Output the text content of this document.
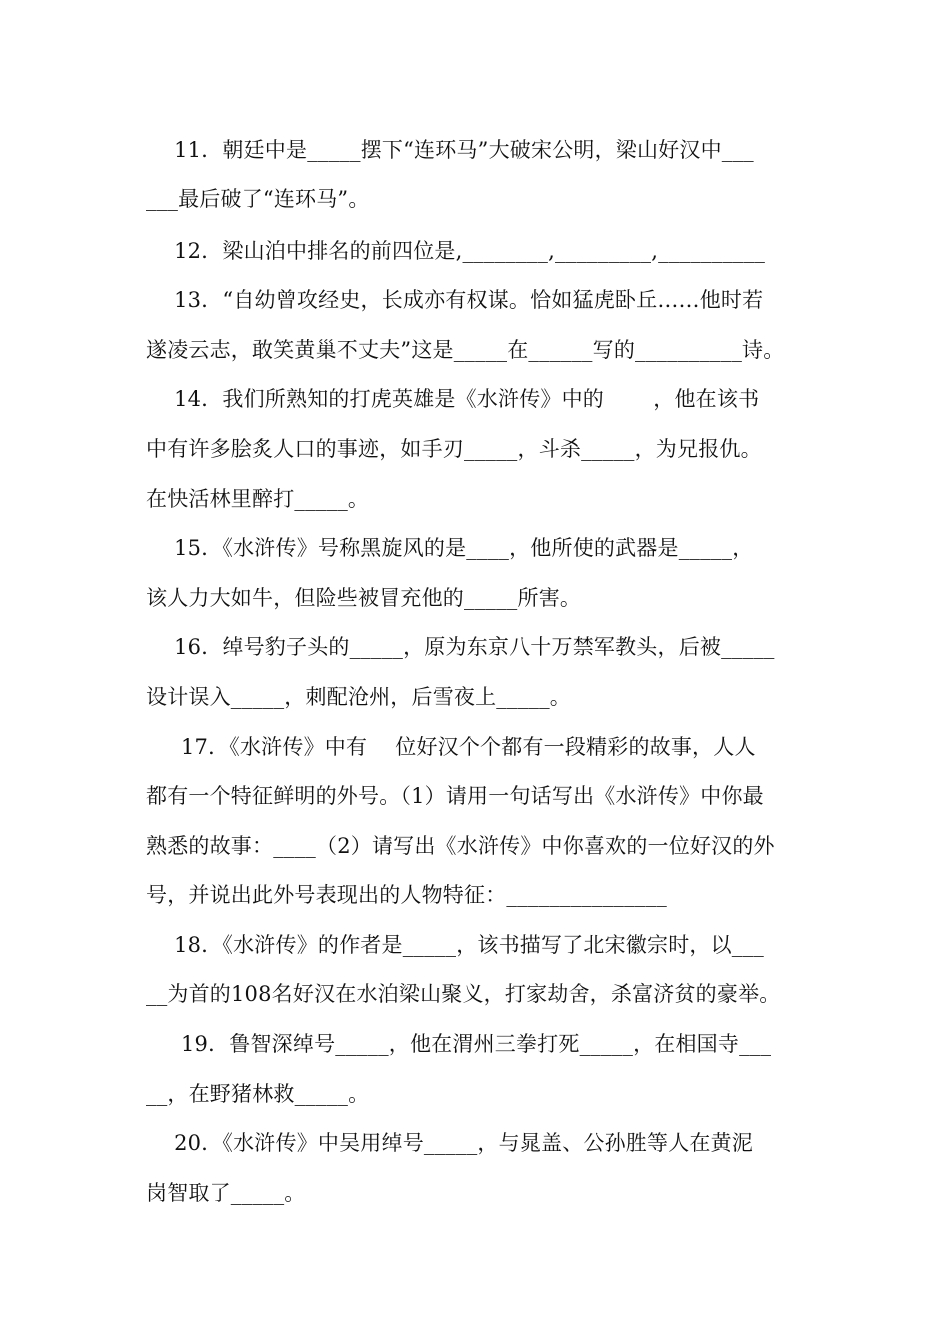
　 11．朝廷中是_____摆下“连环马”大破宋公明，梁山好汉中___
___最后破了“连环马”。
　 12．梁山泊中排名的前四位是,________,_________,__________
　 13．“自幼曾攻经史，长成亦有权谋。恰如猛虎卧丘……他时若
遂凌云志，敢笑黄巢不丈夫”这是_____在______写的__________诗。
　 14．我们所熟知的打虎英雄是《水浒传》中的　　 ，他在该书
中有许多脍炙人口的事迹，如手刃_____，斗杀_____，为兄报仇。
在快活林里醉打_____。
　 15．《水浒传》号称黑旋风的是____，他所使的武器是_____，
该人力大如牛，但险些被冒充他的_____所害。
　 16．绰号豹子头的_____，原为东京八十万禁军教头，后被_____
设计误入_____，刺配沧州，后雪夜上_____。
　  17．《水浒传》中有　 位好汉个个都有一段精彩的故事，人人
都有一个特征鲜明的外号。（1）请用一句话写出《水浒传》中你最
熟悉的故事：____（2）请写出《水浒传》中你喜欢的一位好汉的外
号，并说出此外号表现出的人物特征：_______________
　 18．《水浒传》的作者是_____，该书描写了北宋徽宗时，以___
__为首的108名好汉在水泊梁山聚义，打家劫舍，杀富济贫的豪举。
　  19．鲁智深绰号_____，他在渭州三拳打死_____，在相国寺___
__，在野猪林救_____。
　 20．《水浒传》中吴用绰号_____，与晁盖、公孙胜等人在黄泥
岗智取了_____。
